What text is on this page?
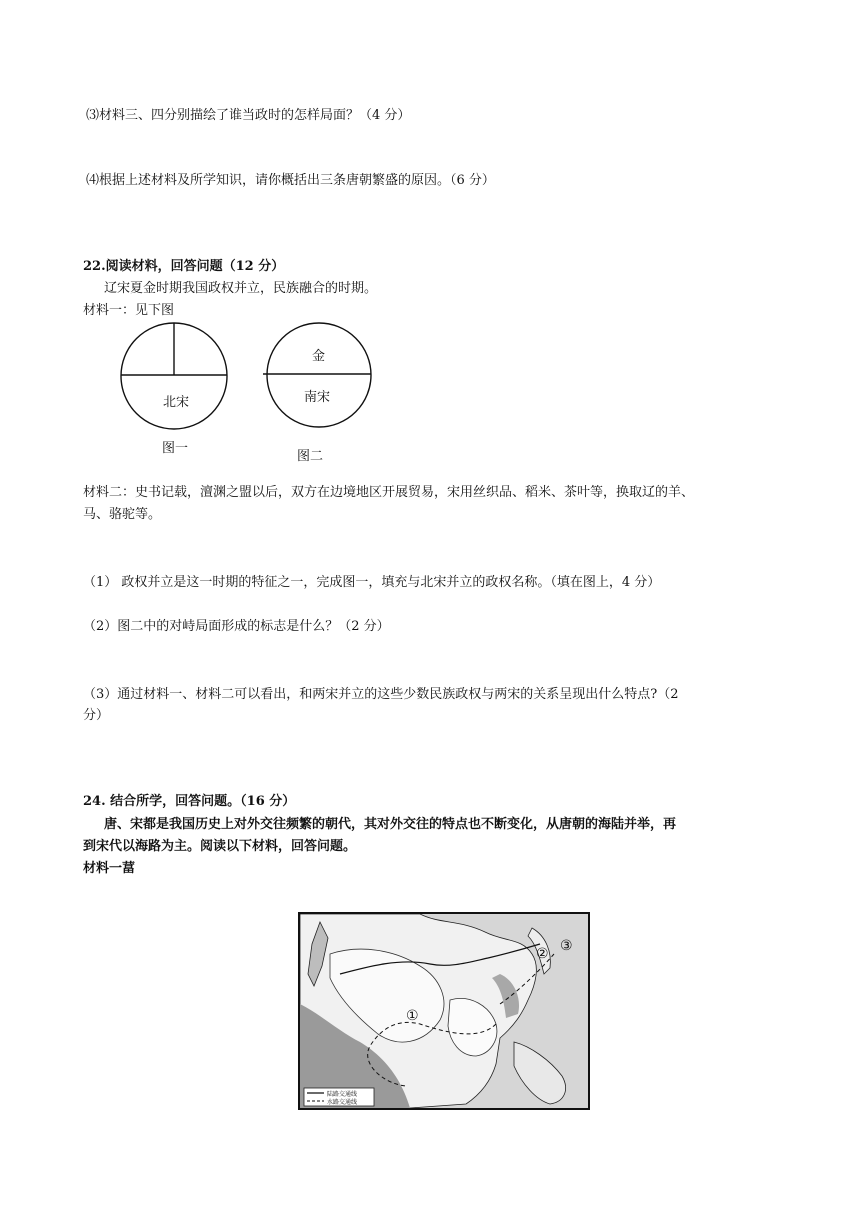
⑶材料三、四分别描绘了谁当政时的怎样局面？（4 分）
⑷根据上述材料及所学知识，请你概括出三条唐朝繁盛的原因。（6 分）
22.阅读材料，回答问题（12 分）
辽宋夏金时期我国政权并立，民族融合的时期。
材料一：见下图
北宋
图一
金
南宋
图二
材料二：史书记载，澶渊之盟以后，双方在边境地区开展贸易，宋用丝织品、稻米、茶叶等，换取辽的羊、
马、骆驼等。
（1） 政权并立是这一时期的特征之一，完成图一，填充与北宋并立的政权名称。（填在图上，4 分）
（2）图二中的对峙局面形成的标志是什么？（2 分）
（3）通过材料一、材料二可以看出，和两宋并立的这些少数民族政权与两宋的关系呈现出什么特点?（2
分）
24. 结合所学，回答问题。（16 分）
唐、宋都是我国历史上对外交往频繁的朝代，其对外交往的特点也不断变化，从唐朝的海陆并举，再
到宋代以海路为主。阅读以下材料，回答问题。
材料一葍
①
② ③
陆路交通线
水路交通线
